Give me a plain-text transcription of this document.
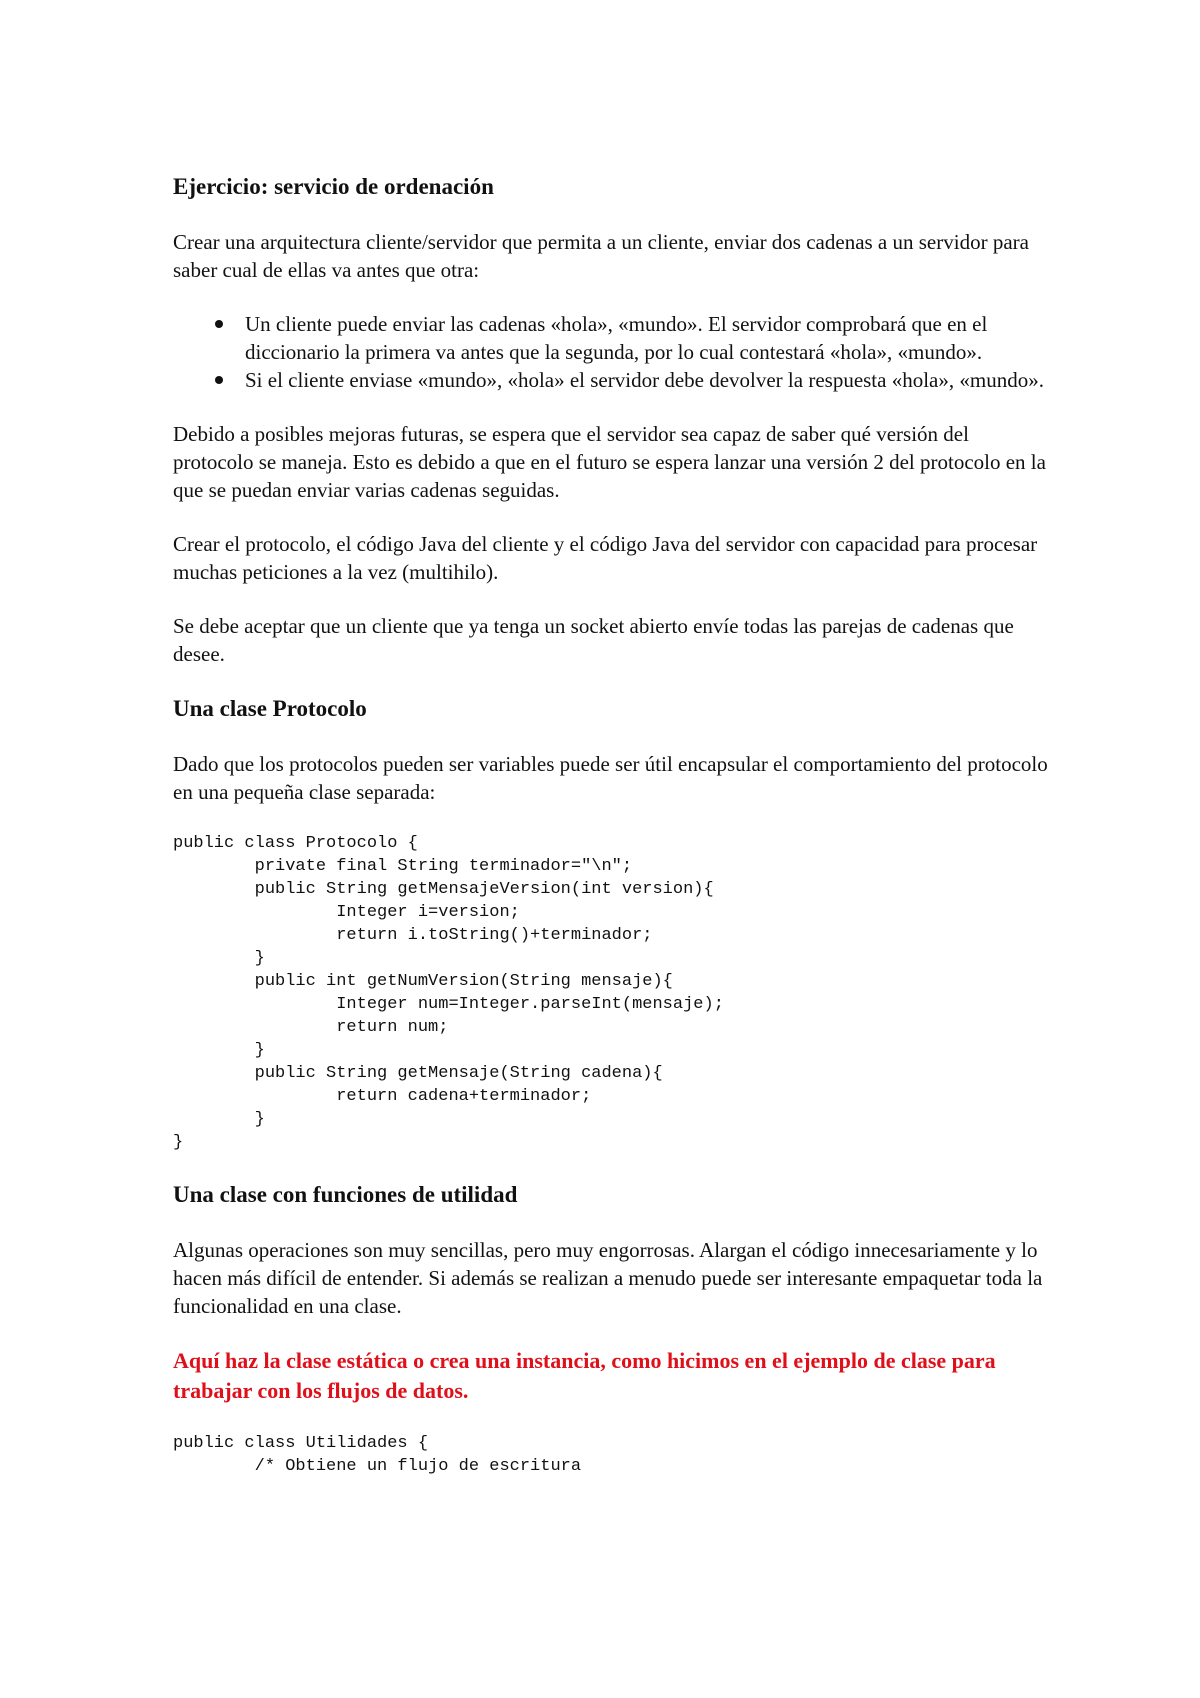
Ejercicio: servicio de ordenación

Crear una arquitectura cliente/servidor que permita a un cliente, enviar dos cadenas a un servidor para saber cual de ellas va antes que otra:

Un cliente puede enviar las cadenas «hola», «mundo». El servidor comprobará que en el diccionario la primera va antes que la segunda, por lo cual contestará «hola», «mundo».
Si el cliente enviase «mundo», «hola» el servidor debe devolver la respuesta «hola», «mundo».

Debido a posibles mejoras futuras, se espera que el servidor sea capaz de saber qué versión del protocolo se maneja. Esto es debido a que en el futuro se espera lanzar una versión 2 del protocolo en la que se puedan enviar varias cadenas seguidas.

Crear el protocolo, el código Java del cliente y el código Java del servidor con capacidad para procesar muchas peticiones a la vez (multihilo).

Se debe aceptar que un cliente que ya tenga un socket abierto envíe todas las parejas de cadenas que desee.

Una clase Protocolo

Dado que los protocolos pueden ser variables puede ser útil encapsular el comportamiento del protocolo en una pequeña clase separada:

public class Protocolo {
private final String terminador="\n";
public String getMensajeVersion(int version){
Integer i=version;
return i.toString()+terminador;
}
public int getNumVersion(String mensaje){
Integer num=Integer.parseInt(mensaje);
return num;
}
public String getMensaje(String cadena){
return cadena+terminador;
}
}
Una clase con funciones de utilidad

Algunas operaciones son muy sencillas, pero muy engorrosas. Alargan el código innecesariamente y lo hacen más difícil de entender. Si además se realizan a menudo puede ser interesante empaquetar toda la funcionalidad en una clase.

Aquí haz la clase estática o crea una instancia, como hicimos en el ejemplo de clase para trabajar con los flujos de datos.

public class Utilidades {
/* Obtiene un flujo de escritura
